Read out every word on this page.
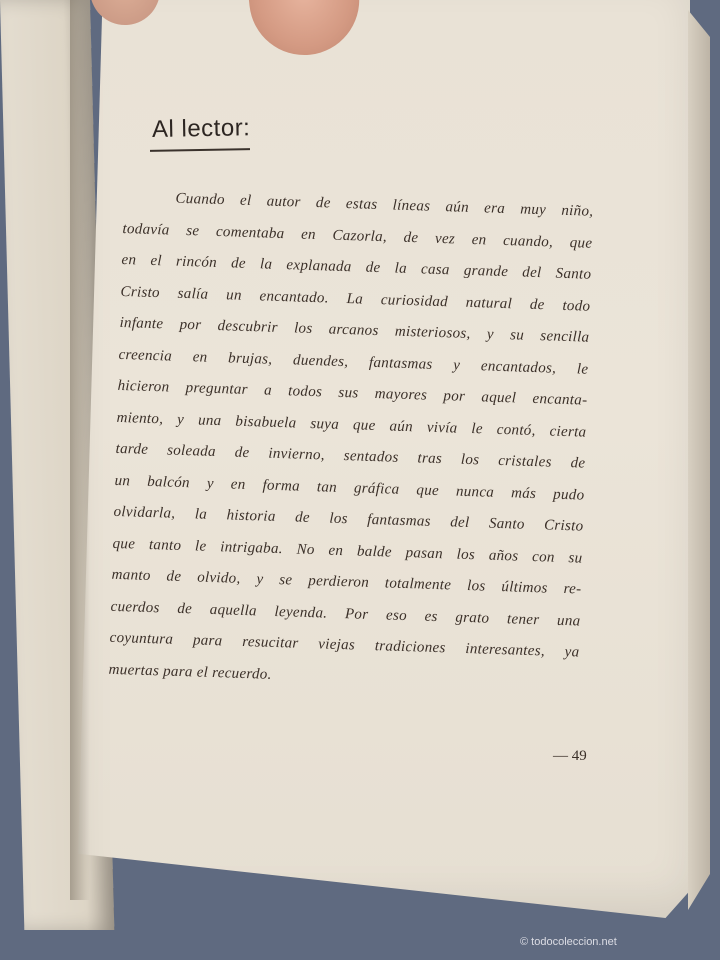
Al lector:
Cuando el autor de estas líneas aún era muy niño,
todavía se comentaba en Cazorla, de vez en cuando, que
en el rincón de la explanada de la casa grande del Santo
Cristo salía un encantado. La curiosidad natural de todo
infante por descubrir los arcanos misteriosos, y su sencilla
creencia en brujas, duendes, fantasmas y encantados, le
hicieron preguntar a todos sus mayores por aquel encanta-
miento, y una bisabuela suya que aún vivía le contó, cierta
tarde soleada de invierno, sentados tras los cristales de
un balcón y en forma tan gráfica que nunca más pudo
olvidarla, la historia de los fantasmas del Santo Cristo
que tanto le intrigaba. No en balde pasan los años con su
manto de olvido, y se perdieron totalmente los últimos re-
cuerdos de aquella leyenda. Por eso es grato tener una
coyuntura para resucitar viejas tradiciones interesantes, ya
muertas para el recuerdo.
— 49
© todocoleccion.net
